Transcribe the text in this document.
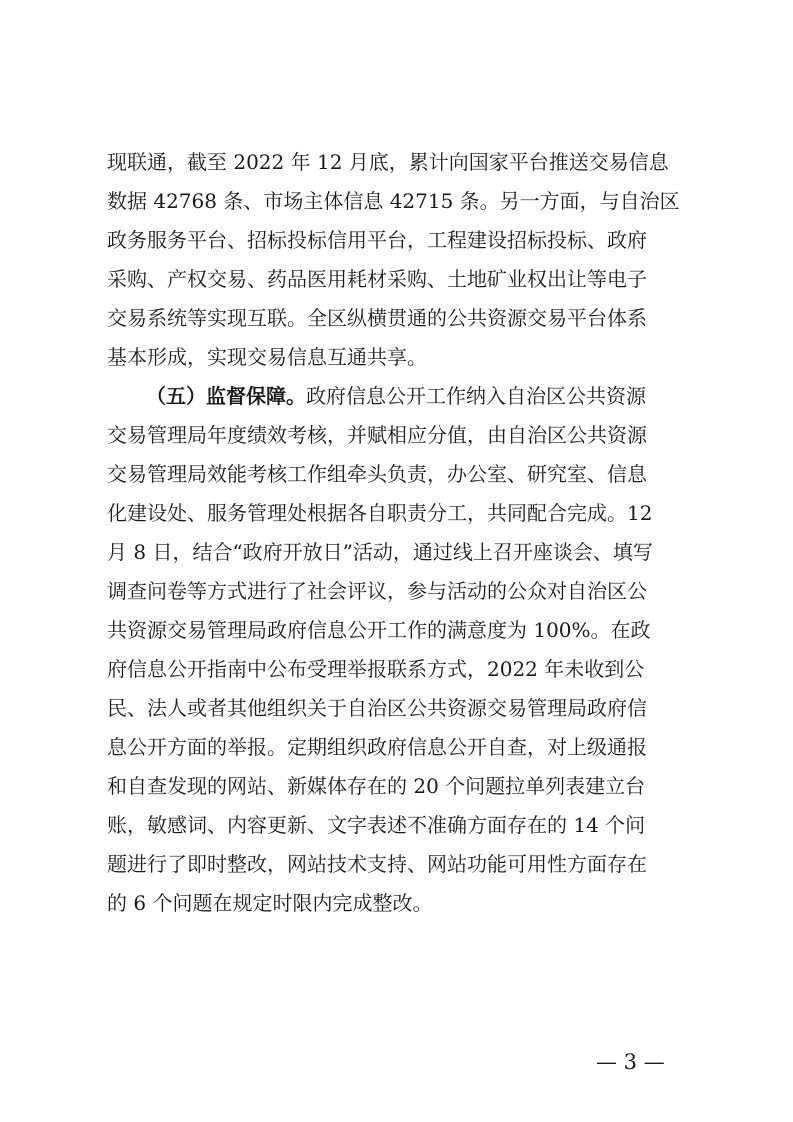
现联通，截至 2022 年 12 月底，累计向国家平台推送交易信息
数据 42768 条、市场主体信息 42715 条。另一方面，与自治区
政务服务平台、招标投标信用平台，工程建设招标投标、政府
采购、产权交易、药品医用耗材采购、土地矿业权出让等电子
交易系统等实现互联。全区纵横贯通的公共资源交易平台体系
基本形成，实现交易信息互通共享。
（五）监督保障。政府信息公开工作纳入自治区公共资源
交易管理局年度绩效考核，并赋相应分值，由自治区公共资源
交易管理局效能考核工作组牵头负责，办公室、研究室、信息
化建设处、服务管理处根据各自职责分工，共同配合完成。12
月 8 日，结合“政府开放日”活动，通过线上召开座谈会、填写
调查问卷等方式进行了社会评议，参与活动的公众对自治区公
共资源交易管理局政府信息公开工作的满意度为 100%。在政
府信息公开指南中公布受理举报联系方式，2022 年未收到公
民、法人或者其他组织关于自治区公共资源交易管理局政府信
息公开方面的举报。定期组织政府信息公开自查，对上级通报
和自查发现的网站、新媒体存在的 20 个问题拉单列表建立台
账，敏感词、内容更新、文字表述不准确方面存在的 14 个问
题进行了即时整改，网站技术支持、网站功能可用性方面存在
的 6 个问题在规定时限内完成整改。
— 3 —
